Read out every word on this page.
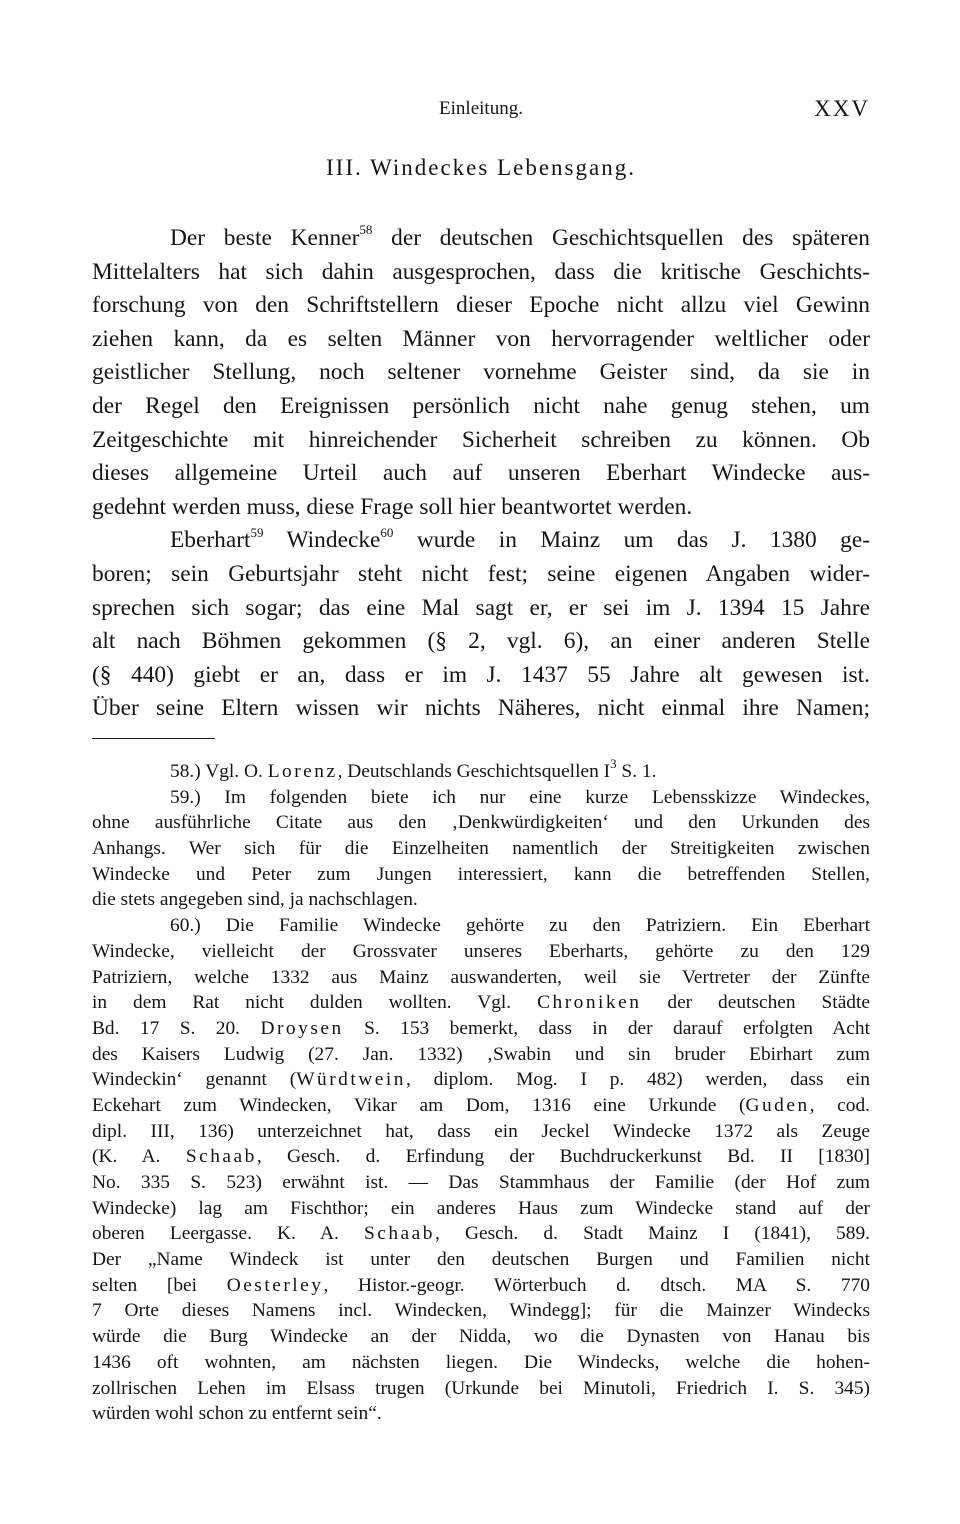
Einleitung.	XXV
III. Windeckes Lebensgang.
Der beste Kenner$^{58}$ der deutschen Geschichtsquellen des späteren
Mittelalters hat sich dahin ausgesprochen, dass die kritische Geschichts-
forschung von den Schriftstellern dieser Epoche nicht allzu viel Gewinn
ziehen kann, da es selten Männer von hervorragender weltlicher oder
geistlicher Stellung, noch seltener vornehme Geister sind, da sie in
der Regel den Ereignissen persönlich nicht nahe genug stehen, um
Zeitgeschichte mit hinreichender Sicherheit schreiben zu können. Ob
dieses allgemeine Urteil auch auf unseren Eberhart Windecke aus-
gedehnt werden muss, diese Frage soll hier beantwortet werden.
Eberhart$^{59}$ Windecke$^{60}$ wurde in Mainz um das J. 1380 ge-
boren; sein Geburtsjahr steht nicht fest; seine eigenen Angaben wider-
sprechen sich sogar; das eine Mal sagt er, er sei im J. 1394 15 Jahre
alt nach Böhmen gekommen (§ 2, vgl. 6), an einer anderen Stelle
(§ 440) giebt er an, dass er im J. 1437 55 Jahre alt gewesen ist.
Über seine Eltern wissen wir nichts Näheres, nicht einmal ihre Namen;
58.) Vgl. O. Lorenz, Deutschlands Geschichtsquellen $I^3$ S. 1.
59.) Im folgenden biete ich nur eine kurze Lebensskizze Windeckes,
ohne ausführliche Citate aus den ‚Denkwürdigkeiten‘ und den Urkunden des
Anhangs. Wer sich für die Einzelheiten namentlich der Streitigkeiten zwischen
Windecke und Peter zum Jungen interessiert, kann die betreffenden Stellen,
die stets angegeben sind, ja nachschlagen.
60.) Die Familie Windecke gehörte zu den Patriziern. Ein Eberhart
Windecke, vielleicht der Grossvater unseres Eberharts, gehörte zu den 129
Patriziern, welche 1332 aus Mainz auswanderten, weil sie Vertreter der Zünfte
in dem Rat nicht dulden wollten. Vgl. Chroniken der deutschen Städte
Bd. 17 S. 20. Droysen S. 153 bemerkt, dass in der darauf erfolgten Acht
des Kaisers Ludwig (27. Jan. 1332) ‚Swabin und sin bruder Ebirhart zum
Windeckin‘ genannt (Würdtwein, diplom. Mog. I p. 482) werden, dass ein
Eckehart zum Windecken, Vikar am Dom, 1316 eine Urkunde (Guden, cod.
dipl. III, 136) unterzeichnet hat, dass ein Jeckel Windecke 1372 als Zeuge
(K. A. Schaab, Gesch. d. Erfindung der Buchdruckerkunst Bd. II [1830]
No. 335 S. 523) erwähnt ist. — Das Stammhaus der Familie (der Hof zum
Windecke) lag am Fischthor; ein anderes Haus zum Windecke stand auf der
oberen Leergasse. K. A. Schaab, Gesch. d. Stadt Mainz I (1841), 589.
Der „Name Windeck ist unter den deutschen Burgen und Familien nicht
selten [bei Oesterley, Histor.-geogr. Wörterbuch d. dtsch. MA S. 770
7 Orte dieses Namens incl. Windecken, Windegg]; für die Mainzer Windecks
würde die Burg Windecke an der Nidda, wo die Dynasten von Hanau bis
1436 oft wohnten, am nächsten liegen. Die Windecks, welche die hohen-
zollrischen Lehen im Elsass trugen (Urkunde bei Minutoli, Friedrich I. S. 345)
würden wohl schon zu entfernt sein“.
